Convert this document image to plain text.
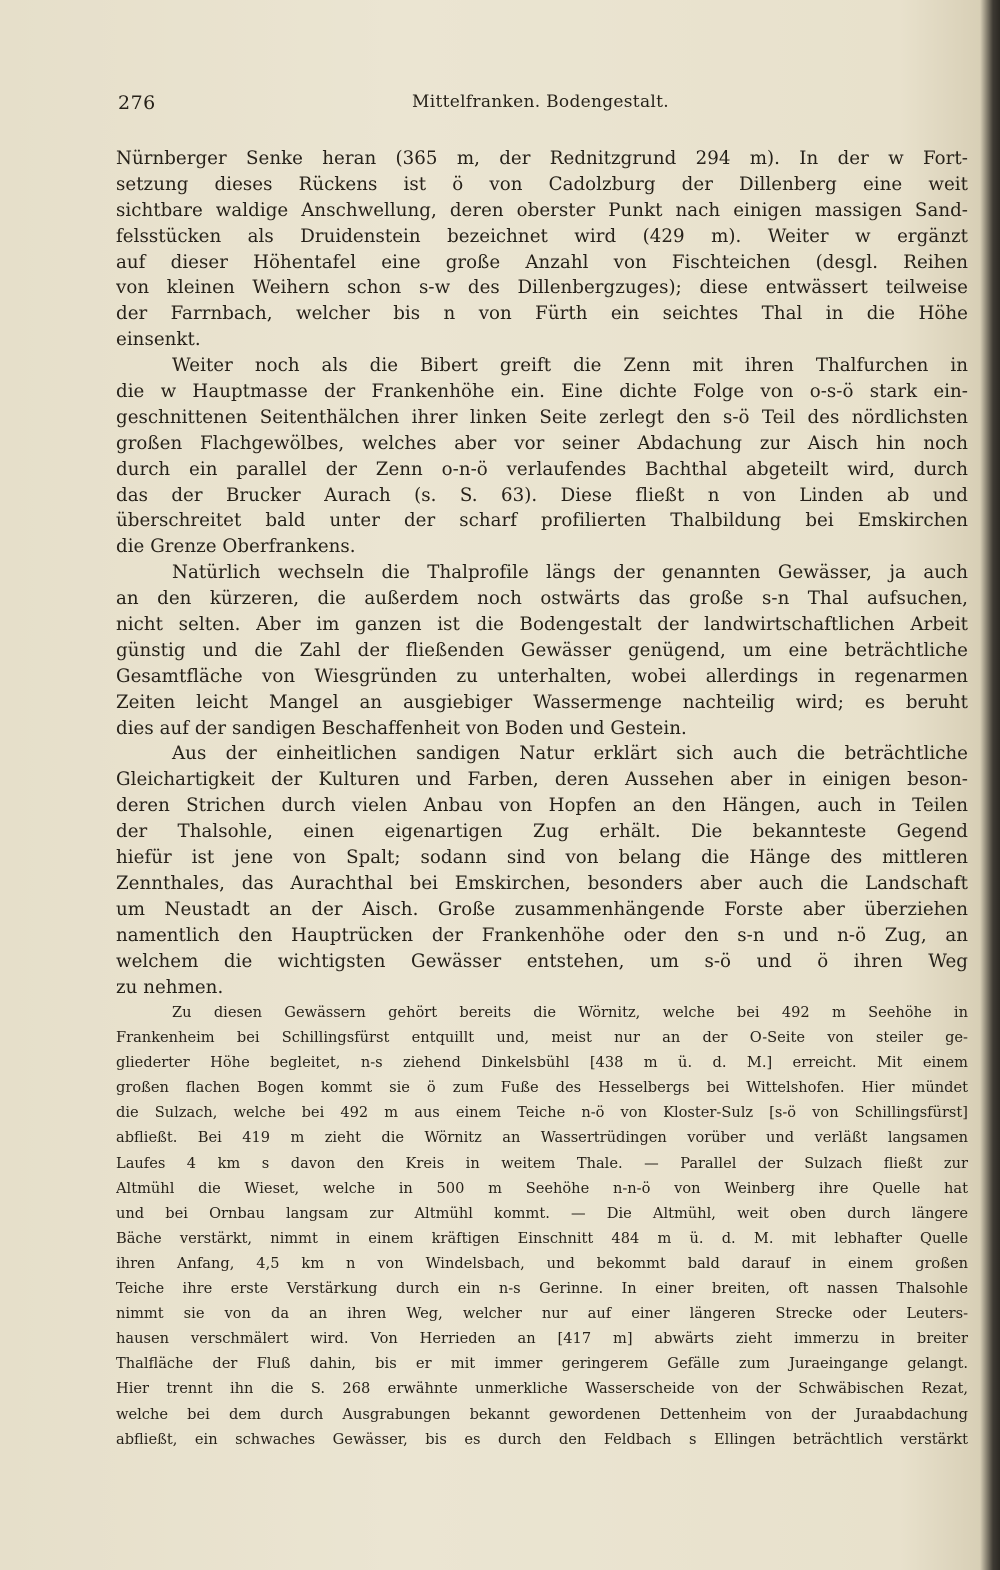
276	Mittelfranken. Bodengestalt.
Nürnberger Senke heran (365 m, der Rednitzgrund 294 m). In der w Fort-
setzung dieses Rückens ist ö von Cadolzburg der Dillenberg eine weit
sichtbare waldige Anschwellung, deren oberster Punkt nach einigen massigen Sand-
felsstücken als Druidenstein bezeichnet wird (429 m). Weiter w ergänzt
auf dieser Höhentafel eine große Anzahl von Fischteichen (desgl. Reihen
von kleinen Weihern schon s-w des Dillenbergzuges); diese entwässert teilweise
der Farrnbach, welcher bis n von Fürth ein seichtes Thal in die Höhe
einsenkt.
Weiter noch als die Bibert greift die Zenn mit ihren Thalfurchen in
die w Hauptmasse der Frankenhöhe ein. Eine dichte Folge von o-s-ö stark ein-
geschnittenen Seitenthälchen ihrer linken Seite zerlegt den s-ö Teil des nördlichsten
großen Flachgewölbes, welches aber vor seiner Abdachung zur Aisch hin noch
durch ein parallel der Zenn o-n-ö verlaufendes Bachthal abgeteilt wird, durch
das der Brucker Aurach (s. S. 63). Diese fließt n von Linden ab und
überschreitet bald unter der scharf profilierten Thalbildung bei Emskirchen
die Grenze Oberfrankens.
Natürlich wechseln die Thalprofile längs der genannten Gewässer, ja auch
an den kürzeren, die außerdem noch ostwärts das große s-n Thal aufsuchen,
nicht selten. Aber im ganzen ist die Bodengestalt der landwirtschaftlichen Arbeit
günstig und die Zahl der fließenden Gewässer genügend, um eine beträchtliche
Gesamtfläche von Wiesgründen zu unterhalten, wobei allerdings in regenarmen
Zeiten leicht Mangel an ausgiebiger Wassermenge nachteilig wird; es beruht
dies auf der sandigen Beschaffenheit von Boden und Gestein.
Aus der einheitlichen sandigen Natur erklärt sich auch die beträchtliche
Gleichartigkeit der Kulturen und Farben, deren Aussehen aber in einigen beson-
deren Strichen durch vielen Anbau von Hopfen an den Hängen, auch in Teilen
der Thalsohle, einen eigenartigen Zug erhält. Die bekannteste Gegend
hiefür ist jene von Spalt; sodann sind von belang die Hänge des mittleren
Zennthales, das Aurachthal bei Emskirchen, besonders aber auch die Landschaft
um Neustadt an der Aisch. Große zusammenhängende Forste aber überziehen
namentlich den Hauptrücken der Frankenhöhe oder den s-n und n-ö Zug, an
welchem die wichtigsten Gewässer entstehen, um s-ö und ö ihren Weg
zu nehmen.
Zu diesen Gewässern gehört bereits die Wörnitz, welche bei 492 m Seehöhe in
Frankenheim bei Schillingsfürst entquillt und, meist nur an der O-Seite von steiler ge-
gliederter Höhe begleitet, n-s ziehend Dinkelsbühl [438 m ü. d. M.] erreicht. Mit einem
großen flachen Bogen kommt sie ö zum Fuße des Hesselbergs bei Wittelshofen. Hier mündet
die Sulzach, welche bei 492 m aus einem Teiche n-ö von Kloster-Sulz [s-ö von Schillingsfürst]
abfließt. Bei 419 m zieht die Wörnitz an Wassertrüdingen vorüber und verläßt langsamen
Laufes 4 km s davon den Kreis in weitem Thale. — Parallel der Sulzach fließt zur
Altmühl die Wieset, welche in 500 m Seehöhe n-n-ö von Weinberg ihre Quelle hat
und bei Ornbau langsam zur Altmühl kommt. — Die Altmühl, weit oben durch längere
Bäche verstärkt, nimmt in einem kräftigen Einschnitt 484 m ü. d. M. mit lebhafter Quelle
ihren Anfang, 4,5 km n von Windelsbach, und bekommt bald darauf in einem großen
Teiche ihre erste Verstärkung durch ein n-s Gerinne. In einer breiten, oft nassen Thalsohle
nimmt sie von da an ihren Weg, welcher nur auf einer längeren Strecke oder Leuters-
hausen verschmälert wird. Von Herrieden an [417 m] abwärts zieht immerzu in breiter
Thalfläche der Fluß dahin, bis er mit immer geringerem Gefälle zum Juraeingange gelangt.
Hier trennt ihn die S. 268 erwähnte unmerkliche Wasserscheide von der Schwäbischen Rezat,
welche bei dem durch Ausgrabungen bekannt gewordenen Dettenheim von der Juraabdachung
abfließt, ein schwaches Gewässer, bis es durch den Feldbach s Ellingen beträchtlich verstärkt
